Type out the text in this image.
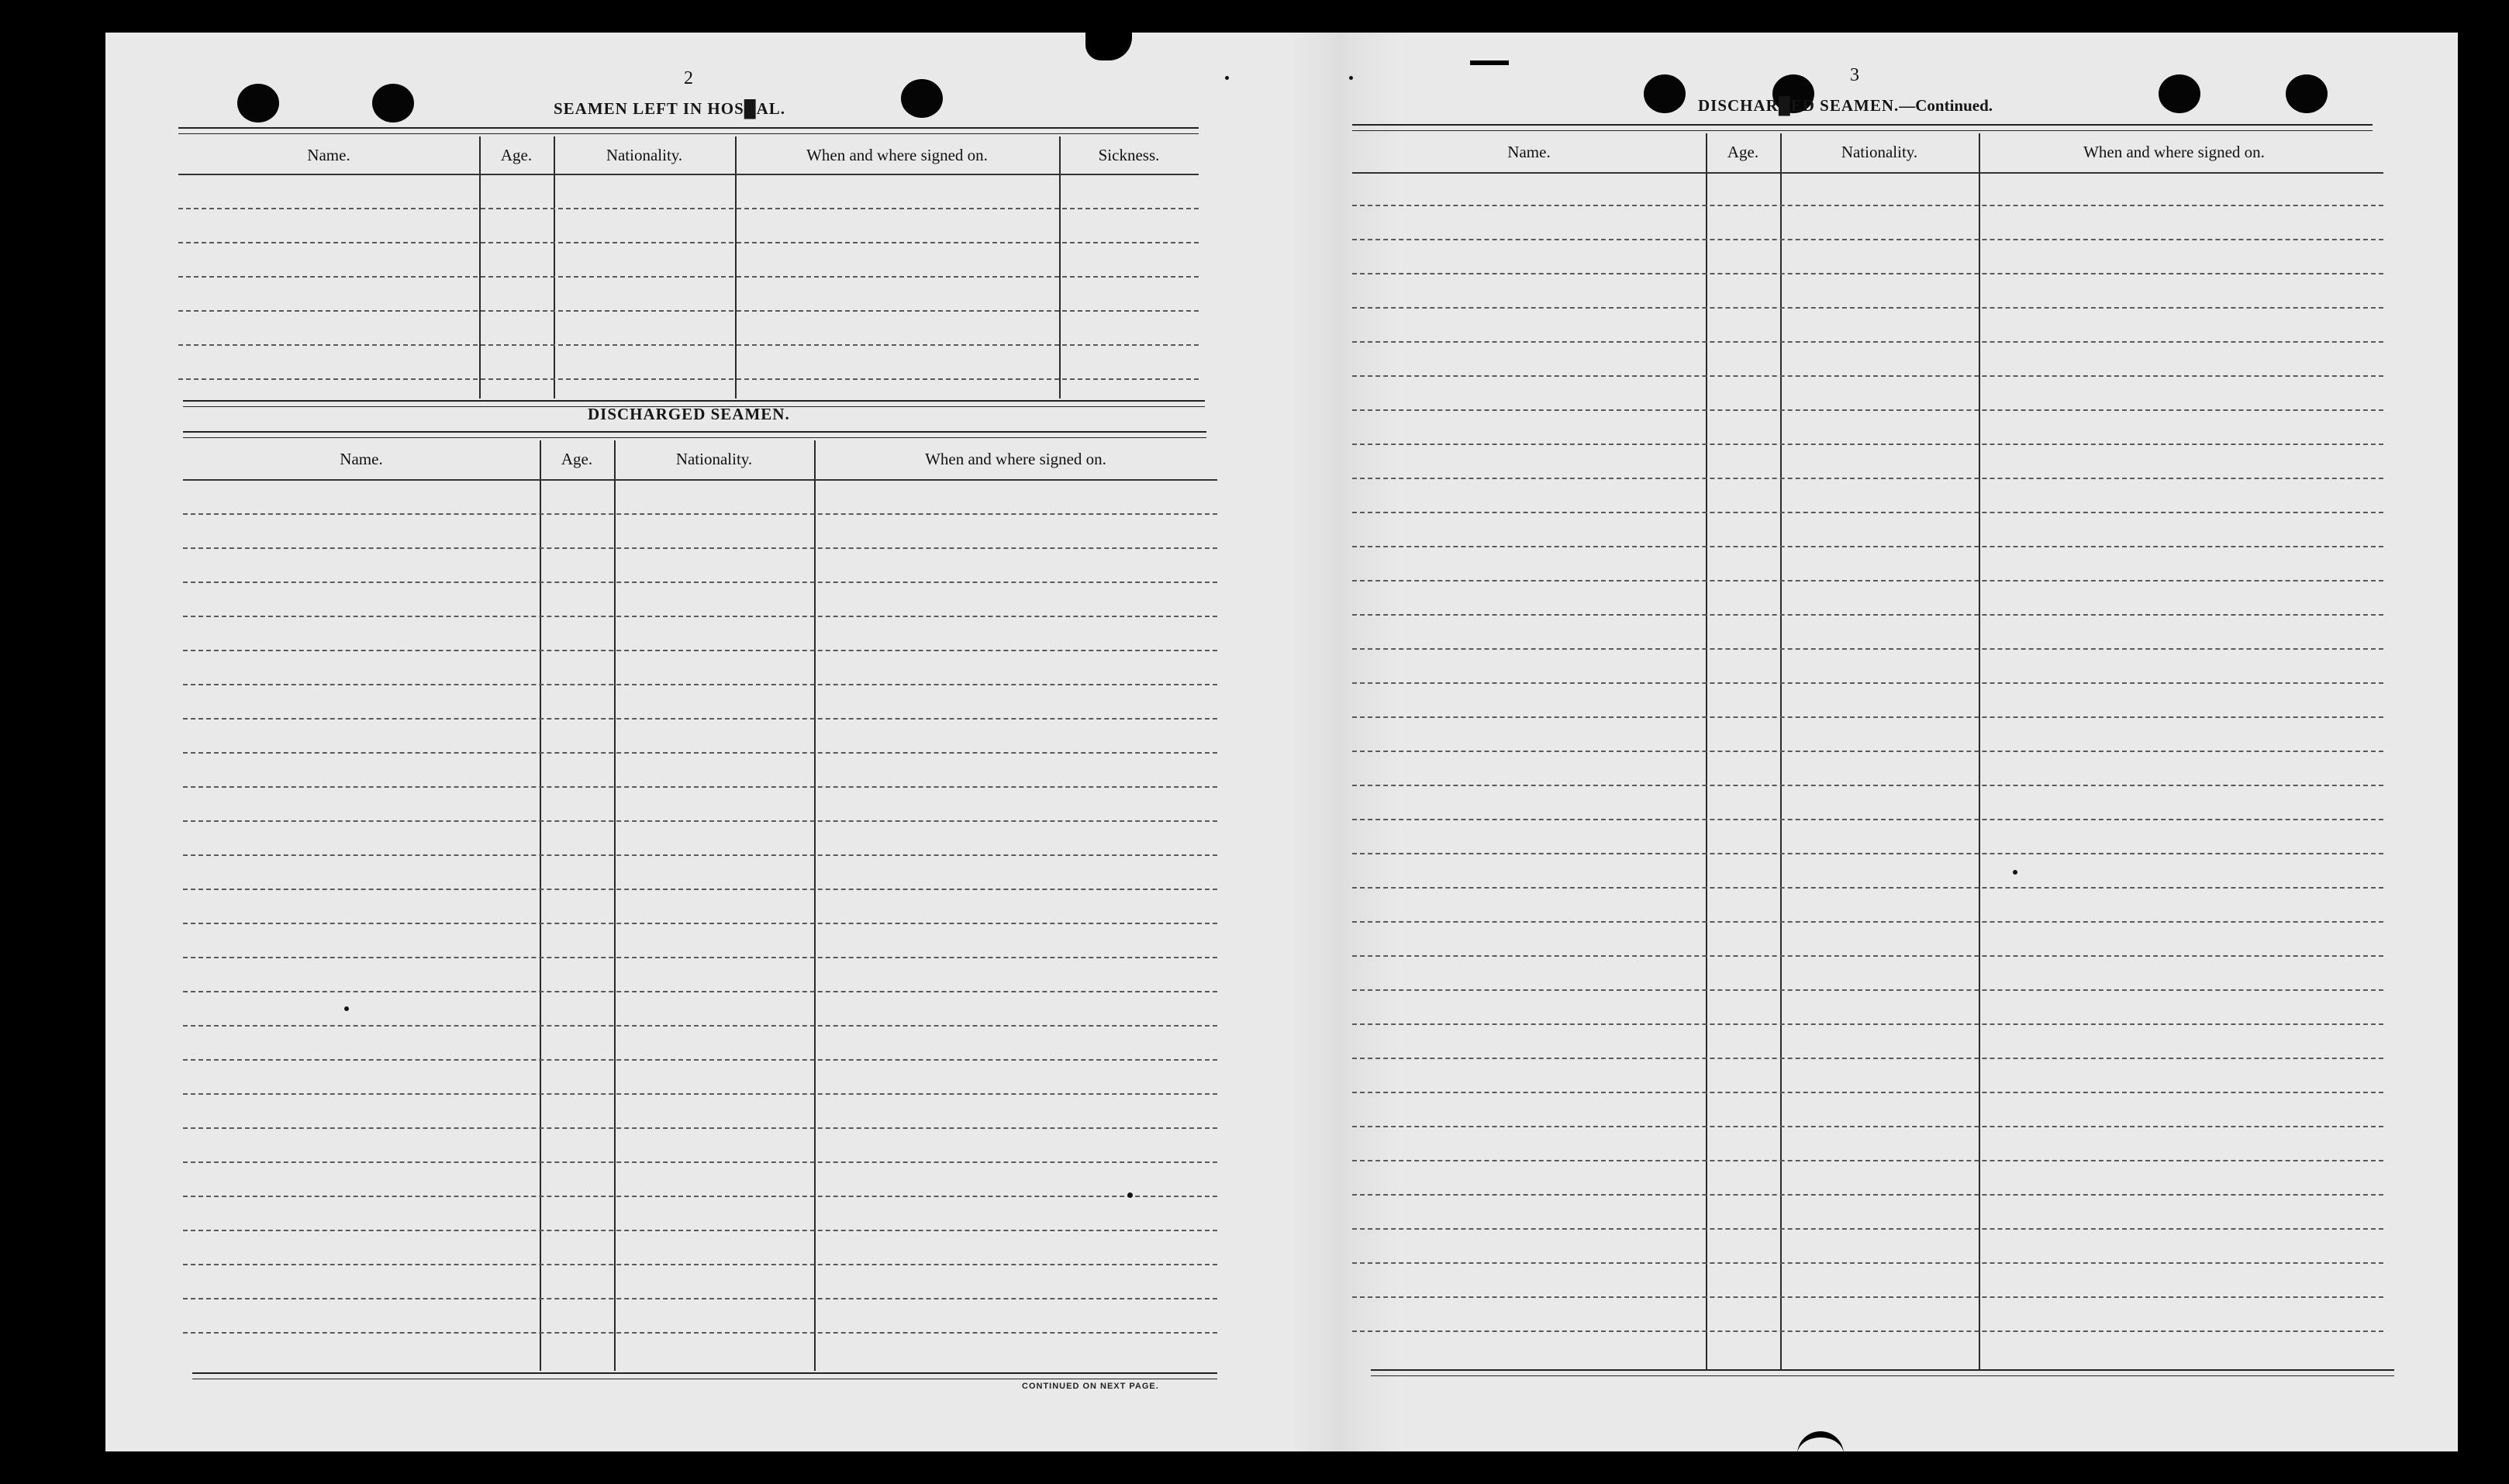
2
SEAMEN LEFT IN HOS█AL.
Name.	Age.	Nationality.	When and where signed on.	Sickness.
DISCHARGED SEAMEN.
Name.	Age.	Nationality.	When and where signed on.
CONTINUED ON NEXT PAGE.
3
DISCHAR█ED SEAMEN.—Continued.
Name.	Age.	Nationality.	When and where signed on.
